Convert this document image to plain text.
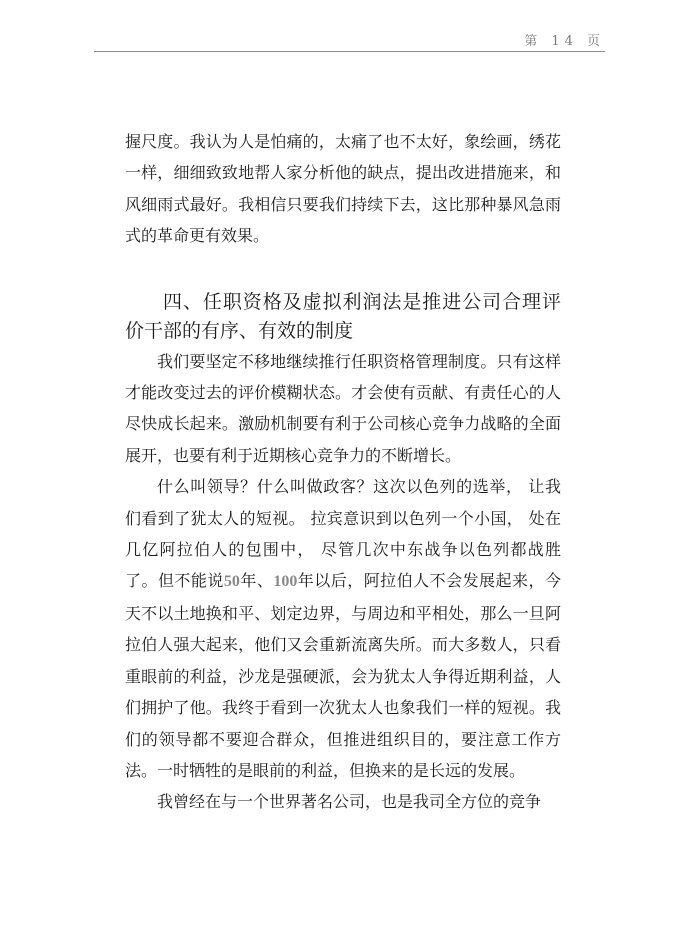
第 14 页

握尺度。我认为人是怕痛的，太痛了也不太好，象绘画，绣花一样，细细致致地帮人家分析他的缺点，提出改进措施来，和风细雨式最好。我相信只要我们持续下去，这比那种暴风急雨式的革命更有效果。

四、任职资格及虚拟利润法是推进公司合理评价干部的有序、有效的制度

我们要坚定不移地继续推行任职资格管理制度。只有这样才能改变过去的评价模糊状态。才会使有贡献、有责任心的人尽快成长起来。激励机制要有利于公司核心竞争力战略的全面展开，也要有利于近期核心竞争力的不断增长。

什么叫领导？什么叫做政客？这次以色列的选举， 让我们看到了犹太人的短视。 拉宾意识到以色列一个小国， 处在几亿阿拉伯人的包围中， 尽管几次中东战争以色列都战胜了。但不能说50年、100年以后，阿拉伯人不会发展起来，今天不以土地换和平、划定边界，与周边和平相处，那么一旦阿拉伯人强大起来，他们又会重新流离失所。而大多数人，只看重眼前的利益，沙龙是强硬派，会为犹太人争得近期利益，人们拥护了他。我终于看到一次犹太人也象我们一样的短视。我们的领导都不要迎合群众，但推进组织目的，要注意工作方法。一时牺牲的是眼前的利益，但换来的是长远的发展。

我曾经在与一个世界著名公司，也是我司全方位的竞争
